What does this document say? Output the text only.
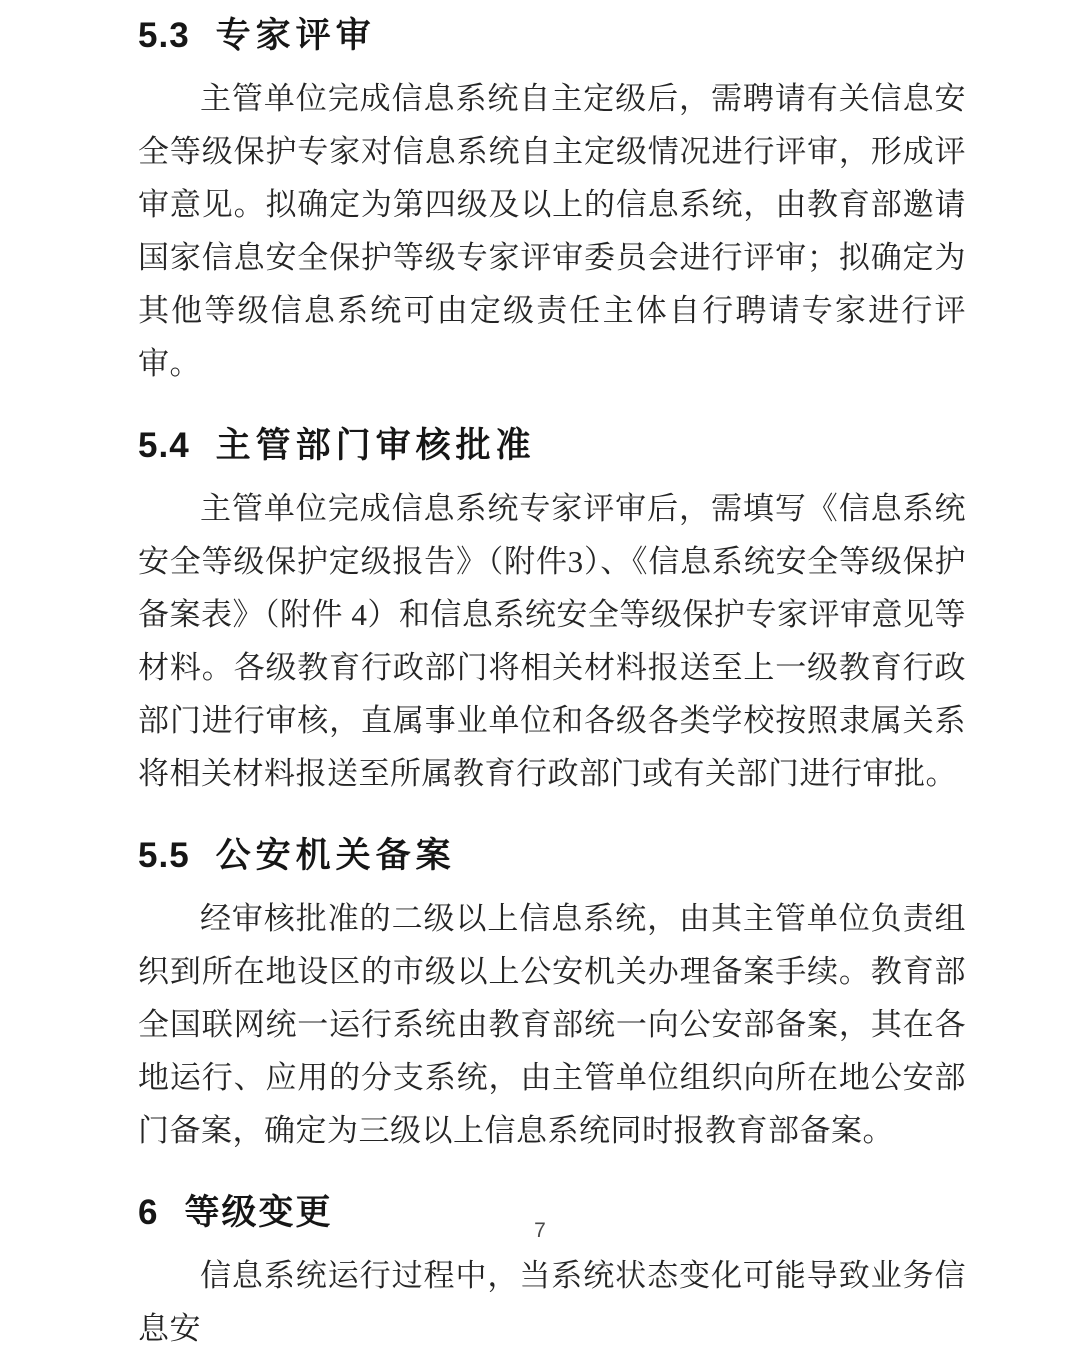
5.3 专家评审

主管单位完成信息系统自主定级后，需聘请有关信息安全等级保护专家对信息系统自主定级情况进行评审，形成评审意见。拟确定为第四级及以上的信息系统，由教育部邀请国家信息安全保护等级专家评审委员会进行评审；拟确定为其他等级信息系统可由定级责任主体自行聘请专家进行评审。

5.4 主管部门审核批准

主管单位完成信息系统专家评审后，需填写《信息系统安全等级保护定级报告》（附件3）、《信息系统安全等级保护备案表》（附件 4）和信息系统安全等级保护专家评审意见等材料。各级教育行政部门将相关材料报送至上一级教育行政部门进行审核，直属事业单位和各级各类学校按照隶属关系将相关材料报送至所属教育行政部门或有关部门进行审批。

5.5 公安机关备案

经审核批准的二级以上信息系统，由其主管单位负责组织到所在地设区的市级以上公安机关办理备案手续。教育部全国联网统一运行系统由教育部统一向公安部备案，其在各地运行、应用的分支系统，由主管单位组织向所在地公安部门备案，确定为三级以上信息系统同时报教育部备案。

6 等级变更

信息系统运行过程中，当系统状态变化可能导致业务信息安

7
